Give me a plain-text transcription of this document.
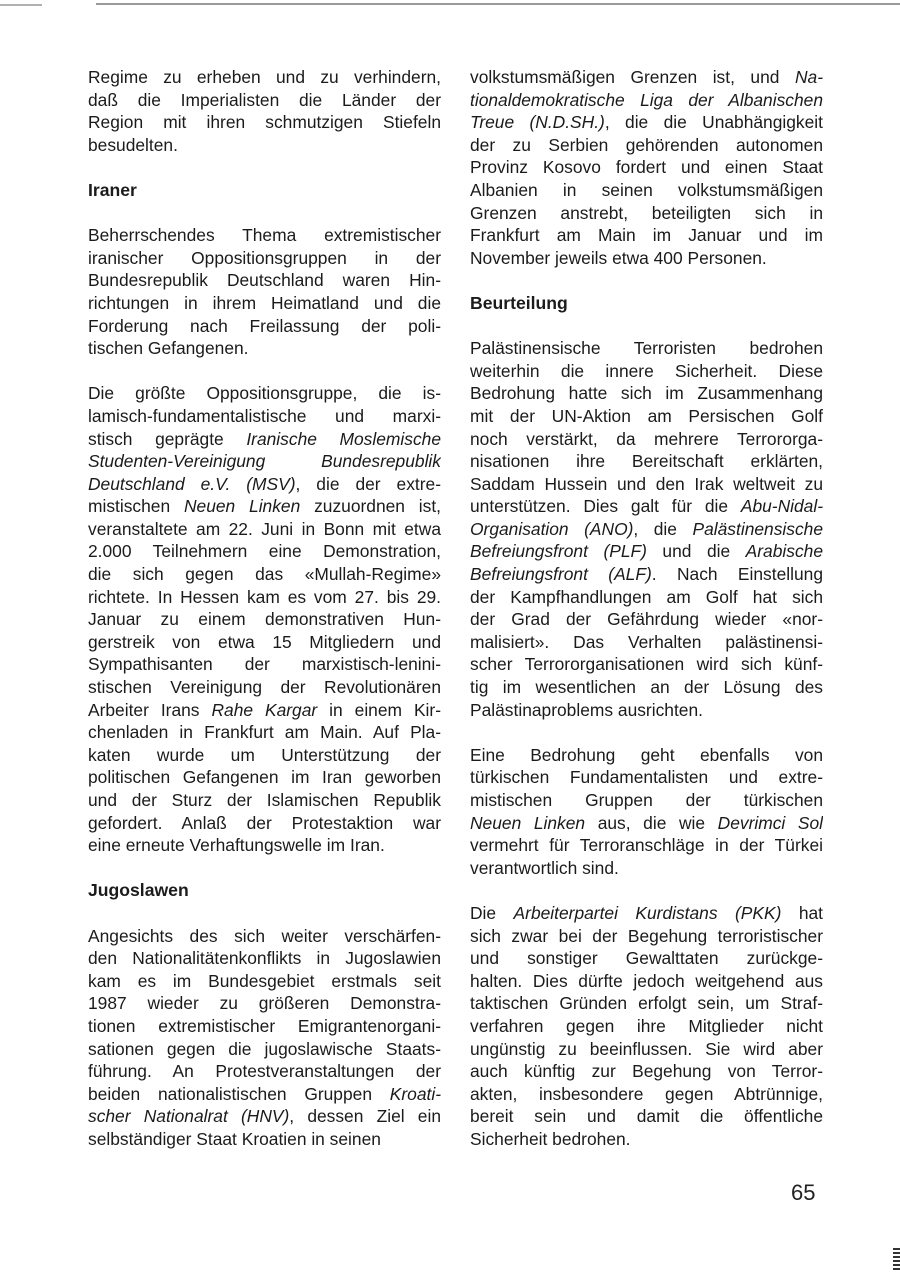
Regime zu erheben und zu verhindern,
daß die Imperialisten die Länder der
Region mit ihren schmutzigen Stiefeln
besudelten.
Iraner
Beherrschendes Thema extremistischer
iranischer Oppositionsgruppen in der
Bundesrepublik Deutschland waren Hin-
richtungen in ihrem Heimatland und die
Forderung nach Freilassung der poli-
tischen Gefangenen.
Die größte Oppositionsgruppe, die is-
lamisch-fundamentalistische und marxi-
stisch geprägte Iranische Moslemische
Studenten-Vereinigung Bundesrepublik
Deutschland e.V. (MSV), die der extre-
mistischen Neuen Linken zuzuordnen ist,
veranstaltete am 22. Juni in Bonn mit etwa
2.000 Teilnehmern eine Demonstration,
die sich gegen das «Mullah-Regime»
richtete. In Hessen kam es vom 27. bis 29.
Januar zu einem demonstrativen Hun-
gerstreik von etwa 15 Mitgliedern und
Sympathisanten der marxistisch-lenini-
stischen Vereinigung der Revolutionären
Arbeiter Irans Rahe Kargar in einem Kir-
chenladen in Frankfurt am Main. Auf Pla-
katen wurde um Unterstützung der
politischen Gefangenen im Iran geworben
und der Sturz der Islamischen Republik
gefordert. Anlaß der Protestaktion war
eine erneute Verhaftungswelle im Iran.
Jugoslawen
Angesichts des sich weiter verschärfen-
den Nationalitätenkonflikts in Jugoslawien
kam es im Bundesgebiet erstmals seit
1987 wieder zu größeren Demonstra-
tionen extremistischer Emigrantenorgani-
sationen gegen die jugoslawische Staats-
führung. An Protestveranstaltungen der
beiden nationalistischen Gruppen Kroati-
scher Nationalrat (HNV), dessen Ziel ein
selbständiger Staat Kroatien in seinen
volkstumsmäßigen Grenzen ist, und Na-
tionaldemokratische Liga der Albanischen
Treue (N.D.SH.), die die Unabhängigkeit
der zu Serbien gehörenden autonomen
Provinz Kosovo fordert und einen Staat
Albanien in seinen volkstumsmäßigen
Grenzen anstrebt, beteiligten sich in
Frankfurt am Main im Januar und im
November jeweils etwa 400 Personen.
Beurteilung
Palästinensische Terroristen bedrohen
weiterhin die innere Sicherheit. Diese
Bedrohung hatte sich im Zusammenhang
mit der UN-Aktion am Persischen Golf
noch verstärkt, da mehrere Terrororga-
nisationen ihre Bereitschaft erklärten,
Saddam Hussein und den Irak weltweit zu
unterstützen. Dies galt für die Abu-Nidal-
Organisation (ANO), die Palästinensische
Befreiungsfront (PLF) und die Arabische
Befreiungsfront (ALF). Nach Einstellung
der Kampfhandlungen am Golf hat sich
der Grad der Gefährdung wieder «nor-
malisiert». Das Verhalten palästinensi-
scher Terrororganisationen wird sich künf-
tig im wesentlichen an der Lösung des
Palästinaproblems ausrichten.
Eine Bedrohung geht ebenfalls von
türkischen Fundamentalisten und extre-
mistischen Gruppen der türkischen
Neuen Linken aus, die wie Devrimci Sol
vermehrt für Terroranschläge in der Türkei
verantwortlich sind.
Die Arbeiterpartei Kurdistans (PKK) hat
sich zwar bei der Begehung terroristischer
und sonstiger Gewalttaten zurückge-
halten. Dies dürfte jedoch weitgehend aus
taktischen Gründen erfolgt sein, um Straf-
verfahren gegen ihre Mitglieder nicht
ungünstig zu beeinflussen. Sie wird aber
auch künftig zur Begehung von Terror-
akten, insbesondere gegen Abtrünnige,
bereit sein und damit die öffentliche
Sicherheit bedrohen.
65
